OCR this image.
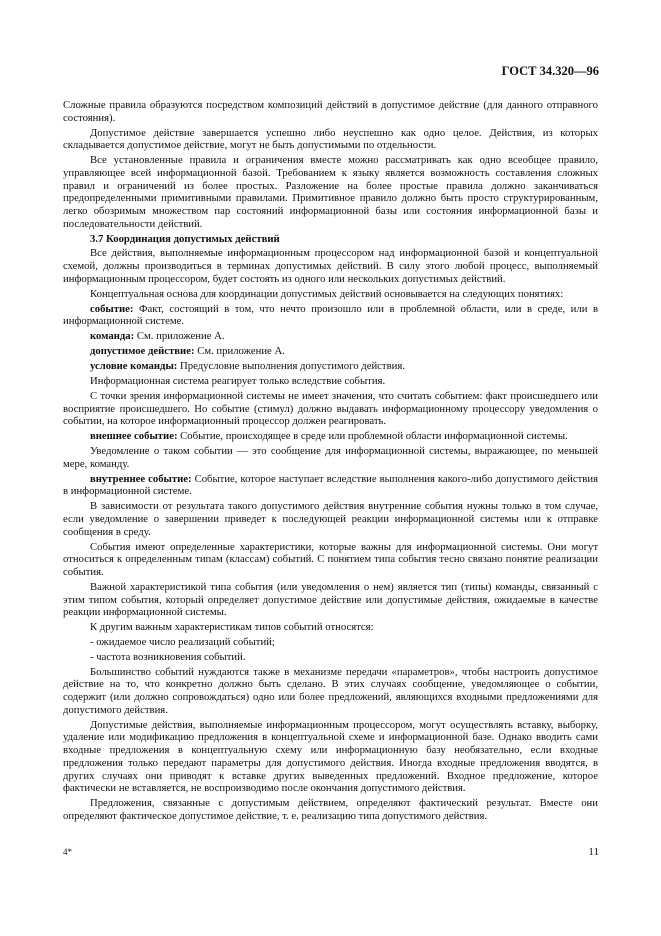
ГОСТ 34.320—96

Сложные правила образуются посредством композиций действий в допустимое действие (для данного отправного состояния).

Допустимое действие завершается успешно либо неуспешно как одно целое. Действия, из которых складывается допустимое действие, могут не быть допустимыми по отдельности.

Все установленные правила и ограничения вместе можно рассматривать как одно всеобщее правило, управляющее всей информационной базой. Требованием к языку является возможность составления сложных правил и ограничений из более простых. Разложение на более простые правила должно заканчиваться предопределенными примитивными правилами. Примитивное правило должно быть просто структурированным, легко обозримым множеством пар состояний информационной базы или состояния информационной базы и последовательности действий.

3.7 Координация допустимых действий

Все действия, выполняемые информационным процессором над информационной базой и концептуальной схемой, должны производиться в терминах допустимых действий. В силу этого любой процесс, выполняемый информационным процессором, будет состоять из одного или нескольких допустимых действий.

Концептуальная основа для координации допустимых действий основывается на следующих понятиях:

событие: Факт, состоящий в том, что нечто произошло или в проблемной области, или в среде, или в информационной системе.

команда: См. приложение А.

допустимое действие: См. приложение А.

условие команды: Предусловие выполнения допустимого действия.

Информационная система реагирует только вследствие события.

С точки зрения информационной системы не имеет значения, что считать событием: факт происшедшего или восприятие происшедшего. Но событие (стимул) должно выдавать информационному процессору уведомления о событии, на которое информационный процессор должен реагировать.

внешнее событие: Событие, происходящее в среде или проблемной области информационной системы.

Уведомление о таком событии — это сообщение для информационной системы, выражающее, по меньшей мере, команду.

внутреннее событие: Событие, которое наступает вследствие выполнения какого-либо допустимого действия в информационной системе.

В зависимости от результата такого допустимого действия внутренние события нужны только в том случае, если уведомление о завершении приведет к последующей реакции информационной системы или к отправке сообщения в среду.

События имеют определенные характеристики, которые важны для информационной системы. Они могут относиться к определенным типам (классам) событий. С понятием типа события тесно связано понятие реализации события.

Важной характеристикой типа события (или уведомления о нем) является тип (типы) команды, связанный с этим типом события, который определяет допустимое действие или допустимые действия, ожидаемые в качестве реакции информационной системы.

К другим важным характеристикам типов событий относятся:

- ожидаемое число реализаций событий;

- частота возникновения событий.

Большинство событий нуждаются также в механизме передачи «параметров», чтобы настроить допустимое действие на то, что конкретно должно быть сделано. В этих случаях сообщение, уведомляющее о событии, содержит (или должно сопровождаться) одно или более предложений, являющихся входными предложениями для допустимого действия.

Допустимые действия, выполняемые информационным процессором, могут осуществлять вставку, выборку, удаление или модификацию предложения в концептуальной схеме и информационной базе. Однако вводить сами входные предложения в концептуальную схему или информационную базу необязательно, если входные предложения только передают параметры для допустимого действия. Иногда входные предложения вводятся, в других случаях они приводят к вставке других выведенных предложений. Входное предложение, которое фактически не вставляется, не воспроизводимо после окончания допустимого действия.

Предложения, связанные с допустимым действием, определяют фактический результат. Вместе они определяют фактическое допустимое действие, т. е. реализацию типа допустимого действия.

4*	11
